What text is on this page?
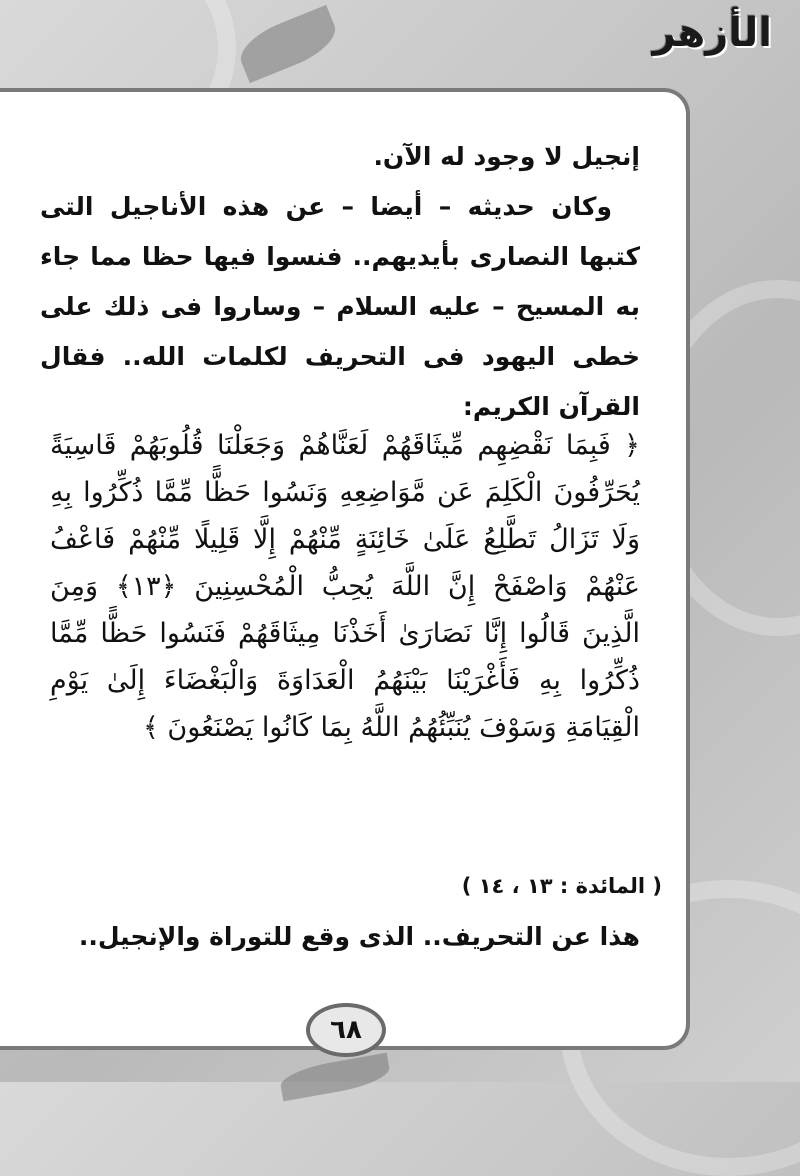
الأزهر

إنجيل لا وجود له الآن.

وكان حديثه – أيضا – عن هذه الأناجيل التى كتبها النصارى بأيديهم.. فنسوا فيها حظا مما جاء به المسيح – عليه السلام – وساروا فى ذلك على خطى اليهود فى التحريف لكلمات الله.. فقال القرآن الكريم:

﴿ فَبِمَا نَقْضِهِم مِّيثَاقَهُمْ لَعَنَّاهُمْ وَجَعَلْنَا قُلُوبَهُمْ قَاسِيَةً يُحَرِّفُونَ الْكَلِمَ عَن مَّوَاضِعِهِ وَنَسُوا حَظًّا مِّمَّا ذُكِّرُوا بِهِ وَلَا تَزَالُ تَطَّلِعُ عَلَىٰ خَائِنَةٍ مِّنْهُمْ إِلَّا قَلِيلًا مِّنْهُمْ فَاعْفُ عَنْهُمْ وَاصْفَحْ إِنَّ اللَّهَ يُحِبُّ الْمُحْسِنِينَ ﴿١٣﴾ وَمِنَ الَّذِينَ قَالُوا إِنَّا نَصَارَىٰ أَخَذْنَا مِيثَاقَهُمْ فَنَسُوا حَظًّا مِّمَّا ذُكِّرُوا بِهِ فَأَغْرَيْنَا بَيْنَهُمُ الْعَدَاوَةَ وَالْبَغْضَاءَ إِلَىٰ يَوْمِ الْقِيَامَةِ وَسَوْفَ يُنَبِّئُهُمُ اللَّهُ بِمَا كَانُوا يَصْنَعُونَ ﴾

( المائدة : ١٣ ، ١٤ )
هذا عن التحريف.. الذى وقع للتوراة والإنجيل..
٦٨
